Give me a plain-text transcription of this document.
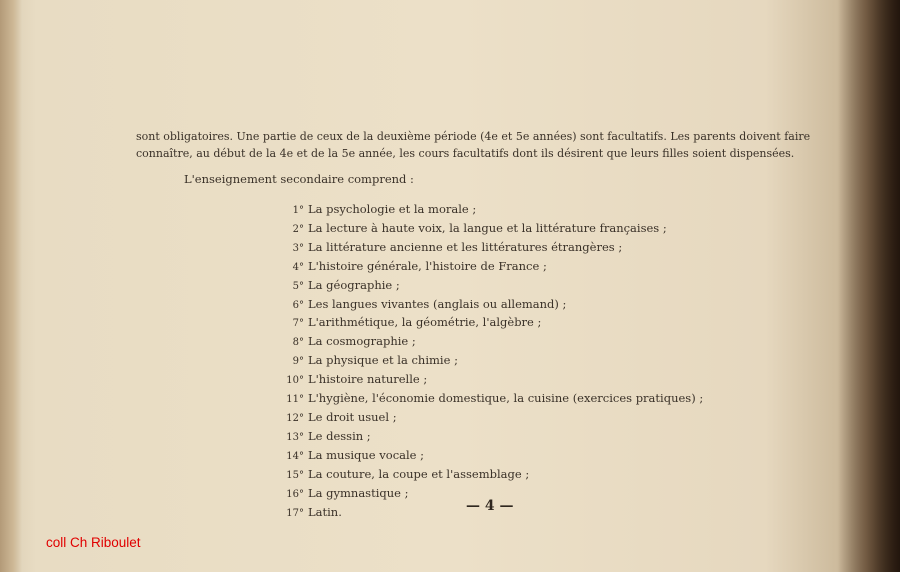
sont obligatoires. Une partie de ceux de la deuxième période (4e et 5e années) sont facultatifs. Les parents doivent faire
connaître, au début de la 4e et de la 5e année, les cours facultatifs dont ils désirent que leurs filles soient dispensées.
L'enseignement secondaire comprend :
1° La psychologie et la morale ;
2° La lecture à haute voix, la langue et la littérature françaises ;
3° La littérature ancienne et les littératures étrangères ;
4° L'histoire générale, l'histoire de France ;
5° La géographie ;
6° Les langues vivantes (anglais ou allemand) ;
7° L'arithmétique, la géométrie, l'algèbre ;
8° La cosmographie ;
9° La physique et la chimie ;
10° L'histoire naturelle ;
11° L'hygiène, l'économie domestique, la cuisine (exercices pratiques) ;
12° Le droit usuel ;
13° Le dessin ;
14° La musique vocale ;
15° La couture, la coupe et l'assemblage ;
16° La gymnastique ;
17° Latin.	— 4 —
coll Ch Riboulet
